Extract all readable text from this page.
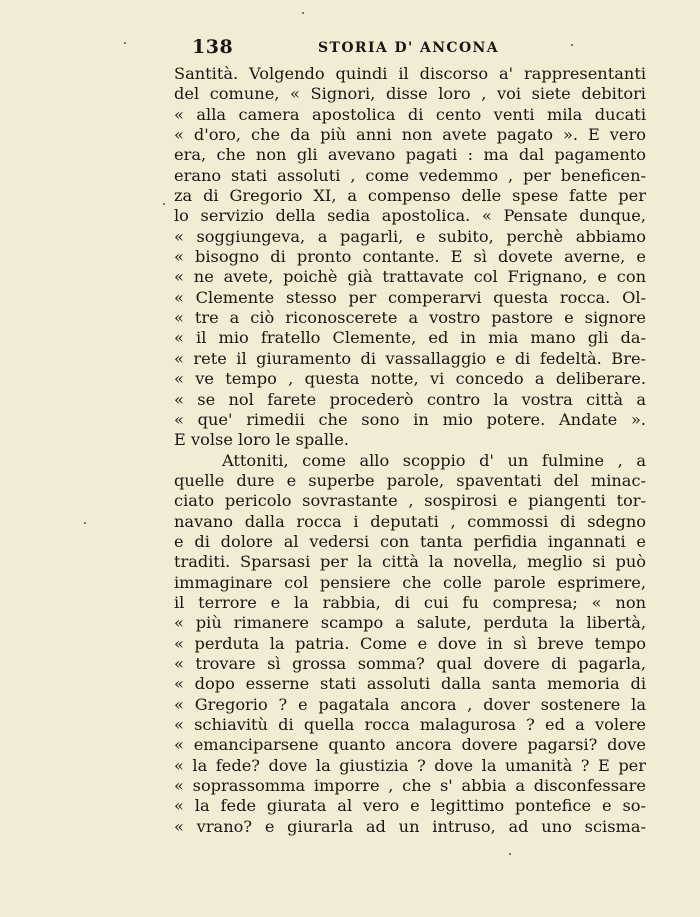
138	STORIA D' ANCONA
Santità. Volgendo quindi il discorso a' rappresentanti
del comune, « Signori, disse loro , voi siete debitori
« alla camera apostolica di cento venti mila ducati
« d'oro, che da più anni non avete pagato ». E vero
era, che non gli avevano pagati : ma dal pagamento
erano stati assoluti , come vedemmo , per beneficen-
za di Gregorio XI, a compenso delle spese fatte per
lo servizio della sedia apostolica. « Pensate dunque,
« soggiungeva, a pagarli, e subito, perchè abbiamo
« bisogno di pronto contante. E sì dovete averne, e
« ne avete, poichè già trattavate col Frignano, e con
« Clemente stesso per comperarvi questa rocca. Ol-
« tre a ciò riconoscerete a vostro pastore e signore
« il mio fratello Clemente, ed in mia mano gli da-
« rete il giuramento di vassallaggio e di fedeltà. Bre-
« ve tempo , questa notte, vi concedo a deliberare.
« se nol farete procederò contro la vostra città a
« que' rimedii che sono in mio potere. Andate ».
E volse loro le spalle.
Attoniti, come allo scoppio d' un fulmine , a
quelle dure e superbe parole, spaventati del minac-
ciato pericolo sovrastante , sospirosi e piangenti tor-
navano dalla rocca i deputati , commossi di sdegno
e di dolore al vedersi con tanta perfidia ingannati e
traditi. Sparsasi per la città la novella, meglio si può
immaginare col pensiere che colle parole esprimere,
il terrore e la rabbia, di cui fu compresa; « non
« più rimanere scampo a salute, perduta la libertà,
« perduta la patria. Come e dove in sì breve tempo
« trovare sì grossa somma? qual dovere di pagarla,
« dopo esserne stati assoluti dalla santa memoria di
« Gregorio ? e pagatala ancora , dover sostenere la
« schiavitù di quella rocca malagurosa ? ed a volere
« emanciparsene quanto ancora dovere pagarsi? dove
« la fede? dove la giustizia ? dove la umanità ? E per
« soprassomma imporre , che s' abbia a disconfessare
« la fede giurata al vero e legittimo pontefice e so-
« vrano? e giurarla ad un intruso, ad uno scisma-
